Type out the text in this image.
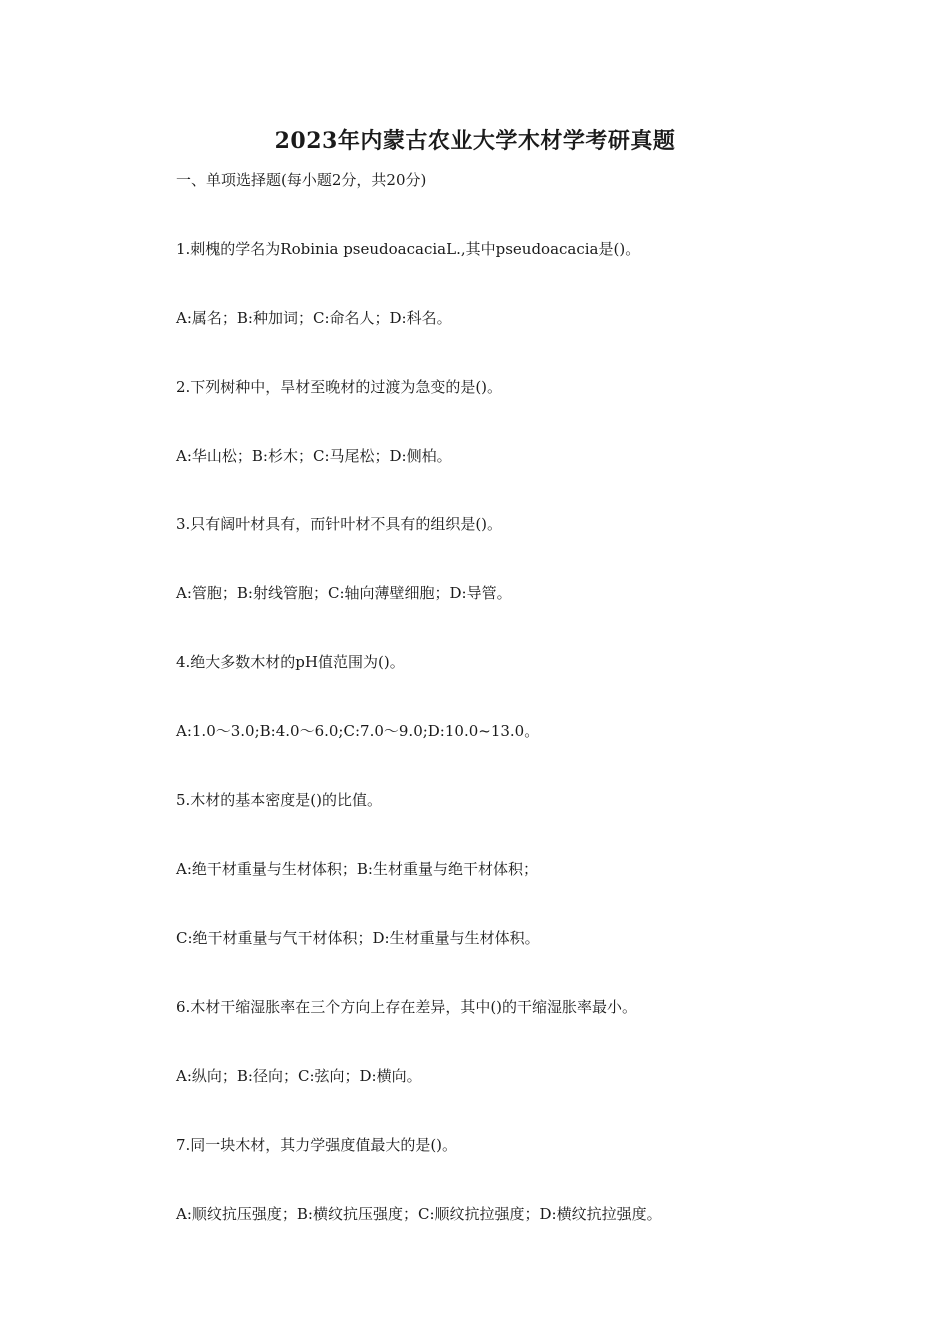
2023年内蒙古农业大学木材学考研真题
一、单项选择题(每小题2分，共20分)
1.刺槐的学名为Robinia pseudoacaciaL.,其中pseudoacacia是()。
A:属名；B:种加词；C:命名人；D:科名。
2.下列树种中，旱材至晚材的过渡为急变的是()。
A:华山松；B:杉木；C:马尾松；D:侧柏。
3.只有阔叶材具有，而针叶材不具有的组织是()。
A:管胞；B:射线管胞；C:轴向薄壁细胞；D:导管。
4.绝大多数木材的pH值范围为()。
A:1.0～3.0;B:4.0～6.0;C:7.0～9.0;D:10.0~13.0。
5.木材的基本密度是()的比值。
A:绝干材重量与生材体积；B:生材重量与绝干材体积；
C:绝干材重量与气干材体积；D:生材重量与生材体积。
6.木材干缩湿胀率在三个方向上存在差异，其中()的干缩湿胀率最小。
A:纵向；B:径向；C:弦向；D:横向。
7.同一块木材，其力学强度值最大的是()。
A:顺纹抗压强度；B:横纹抗压强度；C:顺纹抗拉强度；D:横纹抗拉强度。
